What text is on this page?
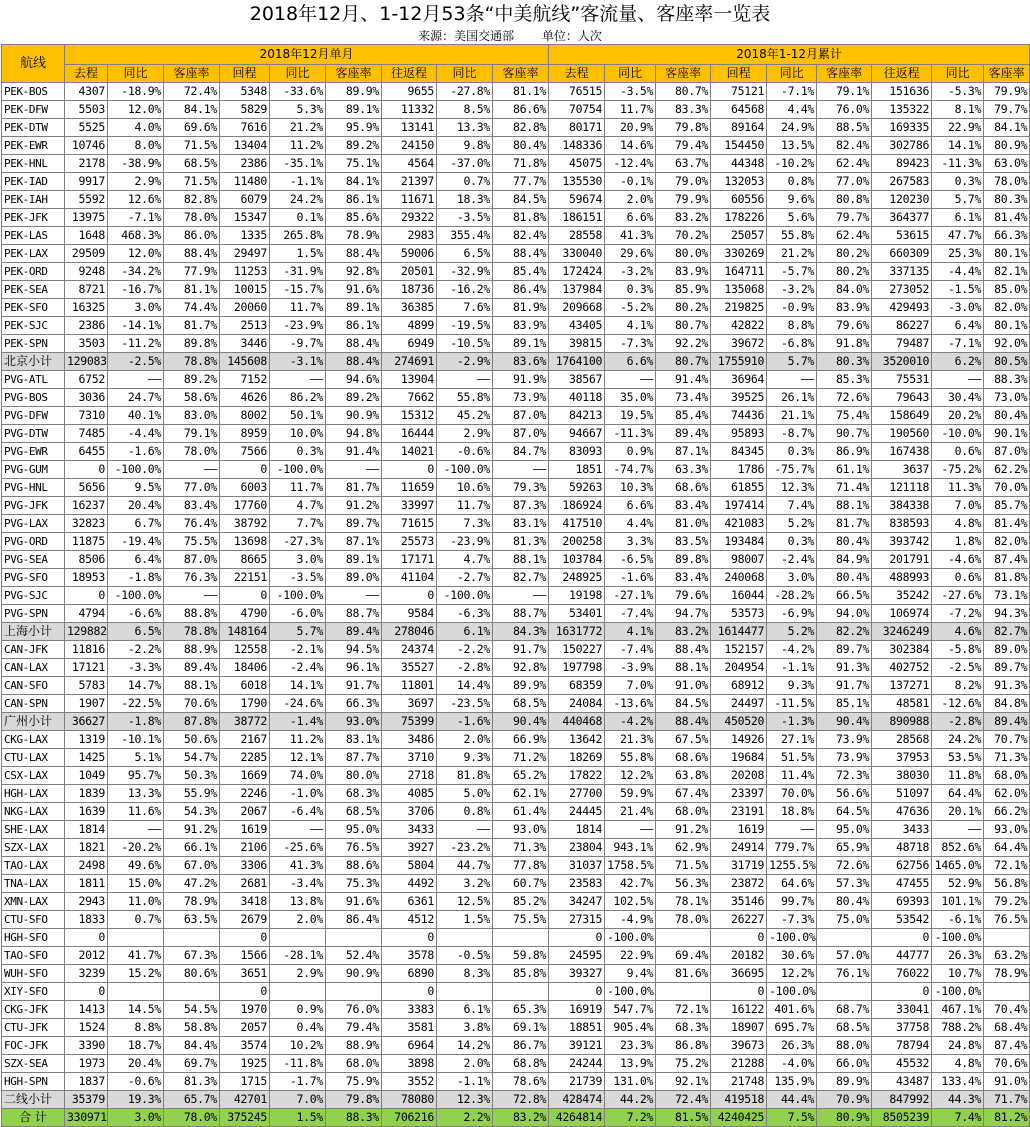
2018年12月、1-12月53条“中美航线”客流量、客座率一览表
来源：美国交通部 单位：人次
航线	2018年12月单月									2018年1-12月累计								
	去程	同比	客座率	回程	同比	客座率	往返程	同比	客座率	去程	同比	客座率	回程	同比	客座率	往返程	同比	客座率
PEK-BOS	4307	-18.9%	72.4%	5348	-33.6%	89.9%	9655	-27.8%	81.1%	76515	-3.5%	80.7%	75121	-7.1%	79.1%	151636	-5.3%	79.9%
PEK-DFW	5503	12.0%	84.1%	5829	5.3%	89.1%	11332	8.5%	86.6%	70754	11.7%	83.3%	64568	4.4%	76.0%	135322	8.1%	79.7%
PEK-DTW	5525	4.0%	69.6%	7616	21.2%	95.9%	13141	13.3%	82.8%	80171	20.9%	79.8%	89164	24.9%	88.5%	169335	22.9%	84.1%
PEK-EWR	10746	8.0%	71.5%	13404	11.2%	89.2%	24150	9.8%	80.4%	148336	14.6%	79.4%	154450	13.5%	82.4%	302786	14.1%	80.9%
PEK-HNL	2178	-38.9%	68.5%	2386	-35.1%	75.1%	4564	-37.0%	71.8%	45075	-12.4%	63.7%	44348	-10.2%	62.4%	89423	-11.3%	63.0%
PEK-IAD	9917	2.9%	71.5%	11480	-1.1%	84.1%	21397	0.7%	77.7%	135530	-0.1%	79.0%	132053	0.8%	77.0%	267583	0.3%	78.0%
PEK-IAH	5592	12.6%	82.8%	6079	24.2%	86.1%	11671	18.3%	84.5%	59674	2.0%	79.9%	60556	9.6%	80.8%	120230	5.7%	80.3%
PEK-JFK	13975	-7.1%	78.0%	15347	0.1%	85.6%	29322	-3.5%	81.8%	186151	6.6%	83.2%	178226	5.6%	79.7%	364377	6.1%	81.4%
PEK-LAS	1648	468.3%	86.0%	1335	265.8%	78.9%	2983	355.4%	82.4%	28558	41.3%	70.2%	25057	55.8%	62.4%	53615	47.7%	66.3%
PEK-LAX	29509	12.0%	88.4%	29497	1.5%	88.4%	59006	6.5%	88.4%	330040	29.6%	80.0%	330269	21.2%	80.2%	660309	25.3%	80.1%
PEK-ORD	9248	-34.2%	77.9%	11253	-31.9%	92.8%	20501	-32.9%	85.4%	172424	-3.2%	83.9%	164711	-5.7%	80.2%	337135	-4.4%	82.1%
PEK-SEA	8721	-16.7%	81.1%	10015	-15.7%	91.6%	18736	-16.2%	86.4%	137984	0.3%	85.9%	135068	-3.2%	84.0%	273052	-1.5%	85.0%
PEK-SFO	16325	3.0%	74.4%	20060	11.7%	89.1%	36385	7.6%	81.9%	209668	-5.2%	80.2%	219825	-0.9%	83.9%	429493	-3.0%	82.0%
PEK-SJC	2386	-14.1%	81.7%	2513	-23.9%	86.1%	4899	-19.5%	83.9%	43405	4.1%	80.7%	42822	8.8%	79.6%	86227	6.4%	80.1%
PEK-SPN	3503	-11.2%	89.8%	3446	-9.7%	88.4%	6949	-10.5%	89.1%	39815	-7.3%	92.2%	39672	-6.8%	91.8%	79487	-7.1%	92.0%
北京小计	129083	-2.5%	78.8%	145608	-3.1%	88.4%	274691	-2.9%	83.6%	1764100	6.6%	80.7%	1755910	5.7%	80.3%	3520010	6.2%	80.5%
PVG-ATL	6752	——	89.2%	7152	——	94.6%	13904	——	91.9%	38567	——	91.4%	36964	——	85.3%	75531	——	88.3%
PVG-BOS	3036	24.7%	58.6%	4626	86.2%	89.2%	7662	55.8%	73.9%	40118	35.0%	73.4%	39525	26.1%	72.6%	79643	30.4%	73.0%
PVG-DFW	7310	40.1%	83.0%	8002	50.1%	90.9%	15312	45.2%	87.0%	84213	19.5%	85.4%	74436	21.1%	75.4%	158649	20.2%	80.4%
PVG-DTW	7485	-4.4%	79.1%	8959	10.0%	94.8%	16444	2.9%	87.0%	94667	-11.3%	89.4%	95893	-8.7%	90.7%	190560	-10.0%	90.1%
PVG-EWR	6455	-1.6%	78.0%	7566	0.3%	91.4%	14021	-0.6%	84.7%	83093	0.9%	87.1%	84345	0.3%	86.9%	167438	0.6%	87.0%
PVG-GUM	0	-100.0%	——	0	-100.0%	——	0	-100.0%	——	1851	-74.7%	63.3%	1786	-75.7%	61.1%	3637	-75.2%	62.2%
PVG-HNL	5656	9.5%	77.0%	6003	11.7%	81.7%	11659	10.6%	79.3%	59263	10.3%	68.6%	61855	12.3%	71.4%	121118	11.3%	70.0%
PVG-JFK	16237	20.4%	83.4%	17760	4.7%	91.2%	33997	11.7%	87.3%	186924	6.6%	83.4%	197414	7.4%	88.1%	384338	7.0%	85.7%
PVG-LAX	32823	6.7%	76.4%	38792	7.7%	89.7%	71615	7.3%	83.1%	417510	4.4%	81.0%	421083	5.2%	81.7%	838593	4.8%	81.4%
PVG-ORD	11875	-19.4%	75.5%	13698	-27.3%	87.1%	25573	-23.9%	81.3%	200258	3.3%	83.5%	193484	0.3%	80.4%	393742	1.8%	82.0%
PVG-SEA	8506	6.4%	87.0%	8665	3.0%	89.1%	17171	4.7%	88.1%	103784	-6.5%	89.8%	98007	-2.4%	84.9%	201791	-4.6%	87.4%
PVG-SFO	18953	-1.8%	76.3%	22151	-3.5%	89.0%	41104	-2.7%	82.7%	248925	-1.6%	83.4%	240068	3.0%	80.4%	488993	0.6%	81.8%
PVG-SJC	0	-100.0%	——	0	-100.0%	——	0	-100.0%	——	19198	-27.1%	79.6%	16044	-28.2%	66.5%	35242	-27.6%	73.1%
PVG-SPN	4794	-6.6%	88.8%	4790	-6.0%	88.7%	9584	-6.3%	88.7%	53401	-7.4%	94.7%	53573	-6.9%	94.0%	106974	-7.2%	94.3%
上海小计	129882	6.5%	78.8%	148164	5.7%	89.4%	278046	6.1%	84.3%	1631772	4.1%	83.2%	1614477	5.2%	82.2%	3246249	4.6%	82.7%
CAN-JFK	11816	-2.2%	88.9%	12558	-2.1%	94.5%	24374	-2.2%	91.7%	150227	-7.4%	88.4%	152157	-4.2%	89.7%	302384	-5.8%	89.0%
CAN-LAX	17121	-3.3%	89.4%	18406	-2.4%	96.1%	35527	-2.8%	92.8%	197798	-3.9%	88.1%	204954	-1.1%	91.3%	402752	-2.5%	89.7%
CAN-SFO	5783	14.7%	88.1%	6018	14.1%	91.7%	11801	14.4%	89.9%	68359	7.0%	91.0%	68912	9.3%	91.7%	137271	8.2%	91.3%
CAN-SPN	1907	-22.5%	70.6%	1790	-24.6%	66.3%	3697	-23.5%	68.5%	24084	-13.6%	84.5%	24497	-11.5%	85.1%	48581	-12.6%	84.8%
广州小计	36627	-1.8%	87.8%	38772	-1.4%	93.0%	75399	-1.6%	90.4%	440468	-4.2%	88.4%	450520	-1.3%	90.4%	890988	-2.8%	89.4%
CKG-LAX	1319	-10.1%	50.6%	2167	11.2%	83.1%	3486	2.0%	66.9%	13642	21.3%	67.5%	14926	27.1%	73.9%	28568	24.2%	70.7%
CTU-LAX	1425	5.1%	54.7%	2285	12.1%	87.7%	3710	9.3%	71.2%	18269	55.8%	68.6%	19684	51.5%	73.9%	37953	53.5%	71.3%
CSX-LAX	1049	95.7%	50.3%	1669	74.0%	80.0%	2718	81.8%	65.2%	17822	12.2%	63.8%	20208	11.4%	72.3%	38030	11.8%	68.0%
HGH-LAX	1839	13.3%	55.9%	2246	-1.0%	68.3%	4085	5.0%	62.1%	27700	59.9%	67.4%	23397	70.0%	56.6%	51097	64.4%	62.0%
NKG-LAX	1639	11.6%	54.3%	2067	-6.4%	68.5%	3706	0.8%	61.4%	24445	21.4%	68.0%	23191	18.8%	64.5%	47636	20.1%	66.2%
SHE-LAX	1814	——	91.2%	1619	——	95.0%	3433	——	93.0%	1814	——	91.2%	1619	——	95.0%	3433	——	93.0%
SZX-LAX	1821	-20.2%	66.1%	2106	-25.6%	76.5%	3927	-23.2%	71.3%	23804	943.1%	62.9%	24914	779.7%	65.9%	48718	852.6%	64.4%
TAO-LAX	2498	49.6%	67.0%	3306	41.3%	88.6%	5804	44.7%	77.8%	31037	1758.5%	71.5%	31719	1255.5%	72.6%	62756	1465.0%	72.1%
TNA-LAX	1811	15.0%	47.2%	2681	-3.4%	75.3%	4492	3.2%	60.7%	23583	42.7%	56.3%	23872	64.6%	57.3%	47455	52.9%	56.8%
XMN-LAX	2943	11.0%	78.9%	3418	13.8%	91.6%	6361	12.5%	85.2%	34247	102.5%	78.1%	35146	99.7%	80.4%	69393	101.1%	79.2%
CTU-SFO	1833	0.7%	63.5%	2679	2.0%	86.4%	4512	1.5%	75.5%	27315	-4.9%	78.0%	26227	-7.3%	75.0%	53542	-6.1%	76.5%
HGH-SFO	0			0			0			0	-100.0%		0	-100.0%		0	-100.0%	
TAO-SFO	2012	41.7%	67.3%	1566	-28.1%	52.4%	3578	-0.5%	59.8%	24595	22.9%	69.4%	20182	30.6%	57.0%	44777	26.3%	63.2%
WUH-SFO	3239	15.2%	80.6%	3651	2.9%	90.9%	6890	8.3%	85.8%	39327	9.4%	81.6%	36695	12.2%	76.1%	76022	10.7%	78.9%
XIY-SFO	0			0			0			0	-100.0%		0	-100.0%		0	-100.0%	
CKG-JFK	1413	14.5%	54.5%	1970	0.9%	76.0%	3383	6.1%	65.3%	16919	547.7%	72.1%	16122	401.6%	68.7%	33041	467.1%	70.4%
CTU-JFK	1524	8.8%	58.8%	2057	0.4%	79.4%	3581	3.8%	69.1%	18851	905.4%	68.3%	18907	695.7%	68.5%	37758	788.2%	68.4%
FOC-JFK	3390	18.7%	84.4%	3574	10.2%	88.9%	6964	14.2%	86.7%	39121	23.3%	86.8%	39673	26.3%	88.0%	78794	24.8%	87.4%
SZX-SEA	1973	20.4%	69.7%	1925	-11.8%	68.0%	3898	2.0%	68.8%	24244	13.9%	75.2%	21288	-4.0%	66.0%	45532	4.8%	70.6%
HGH-SPN	1837	-0.6%	81.3%	1715	-1.7%	75.9%	3552	-1.1%	78.6%	21739	131.0%	92.1%	21748	135.9%	89.9%	43487	133.4%	91.0%
二线小计	35379	19.3%	65.7%	42701	7.0%	79.8%	78080	12.3%	72.8%	428474	44.2%	72.4%	419518	44.4%	70.9%	847992	44.3%	71.7%
合 计	330971	3.0%	78.0%	375245	1.5%	88.3%	706216	2.2%	83.2%	4264814	7.2%	81.5%	4240425	7.5%	80.9%	8505239	7.4%	81.2%
